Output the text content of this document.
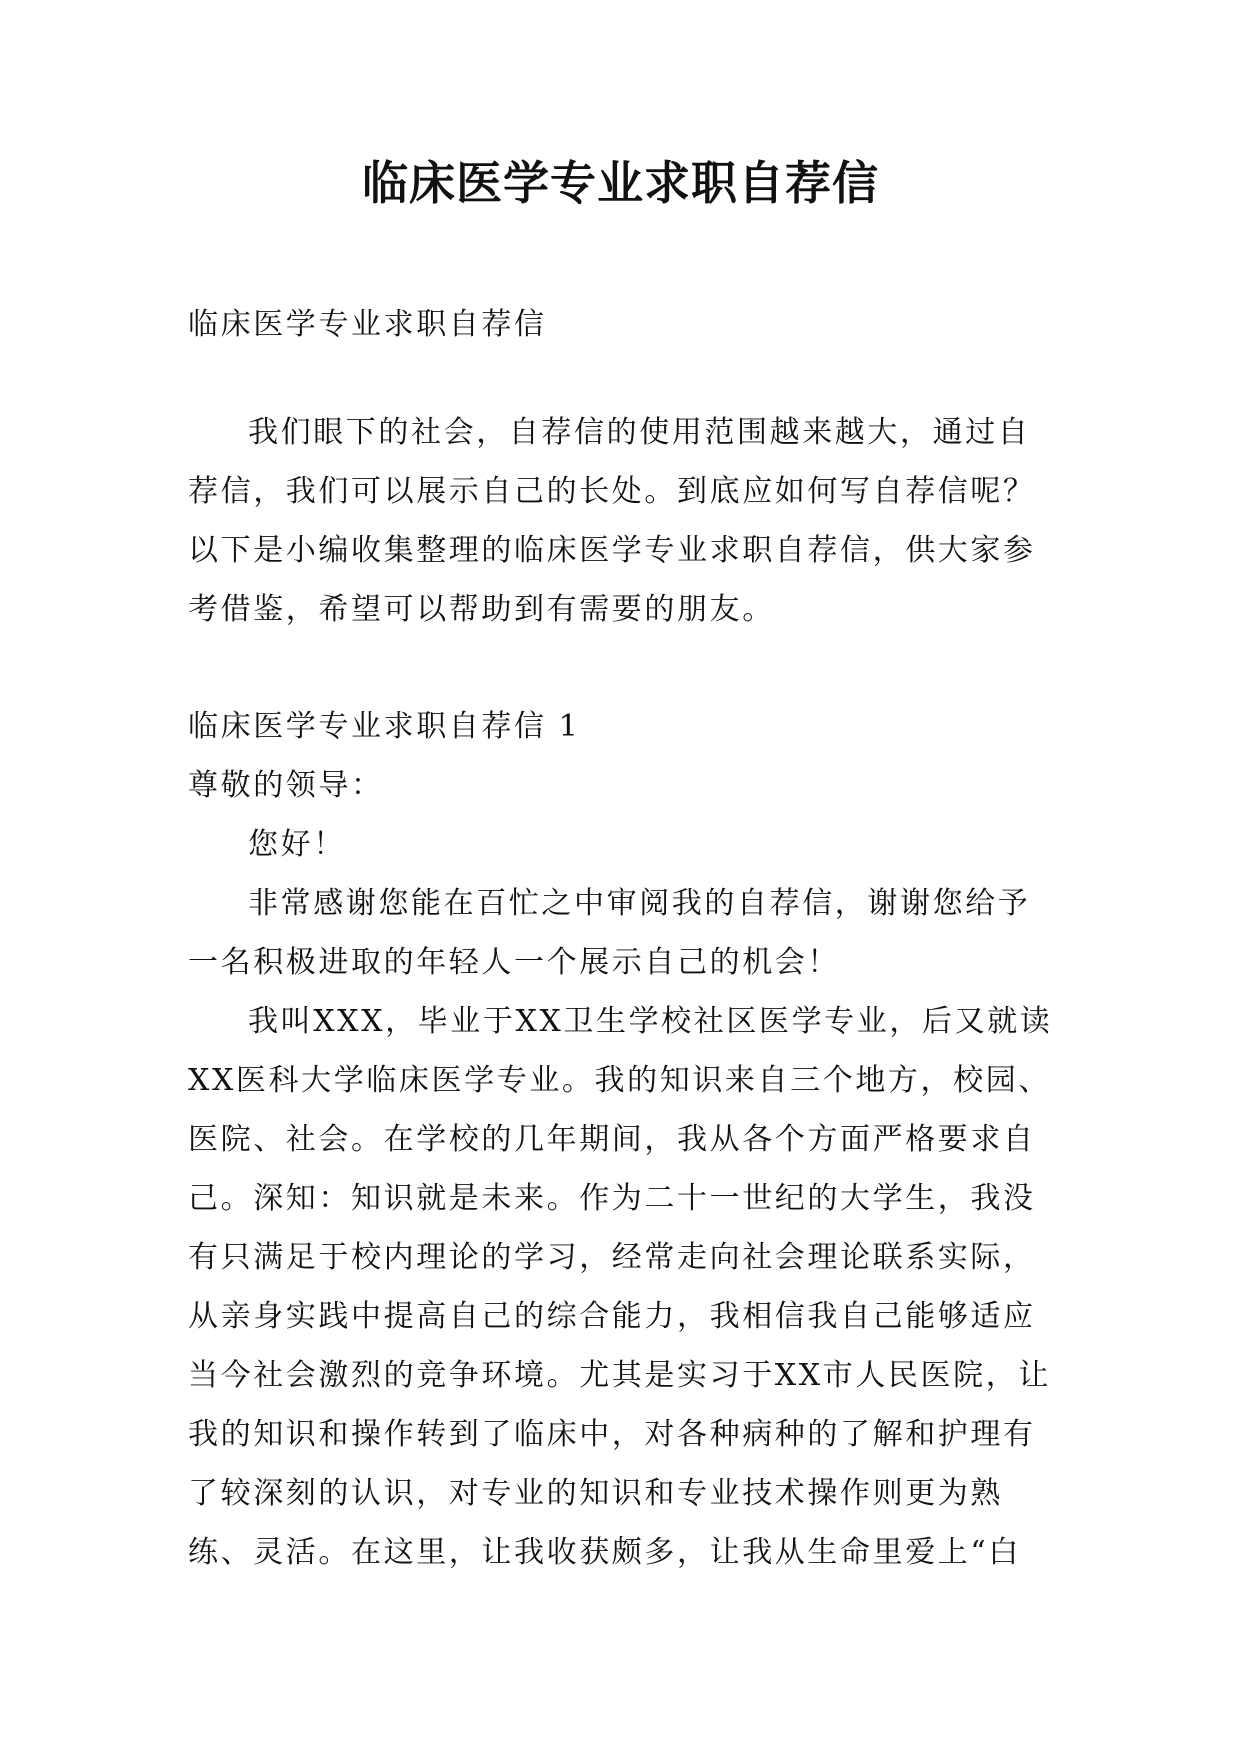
临床医学专业求职自荐信

临床医学专业求职自荐信

我们眼下的社会，自荐信的使用范围越来越大，通过自荐信，我们可以展示自己的长处。到底应如何写自荐信呢？以下是小编收集整理的临床医学专业求职自荐信，供大家参考借鉴，希望可以帮助到有需要的朋友。

临床医学专业求职自荐信 1

尊敬的领导：

您好！

非常感谢您能在百忙之中审阅我的自荐信，谢谢您给予一名积极进取的年轻人一个展示自己的机会！

我叫XXX，毕业于XX卫生学校社区医学专业，后又就读XX医科大学临床医学专业。我的知识来自三个地方，校园、医院、社会。在学校的几年期间，我从各个方面严格要求自己。深知：知识就是未来。作为二十一世纪的大学生，我没有只满足于校内理论的学习，经常走向社会理论联系实际，从亲身实践中提高自己的综合能力，我相信我自己能够适应当今社会激烈的竞争环境。尤其是实习于XX市人民医院，让我的知识和操作转到了临床中，对各种病种的了解和护理有了较深刻的认识，对专业的知识和专业技术操作则更为熟练、灵活。在这里，让我收获颇多，让我从生命里爱上“白
